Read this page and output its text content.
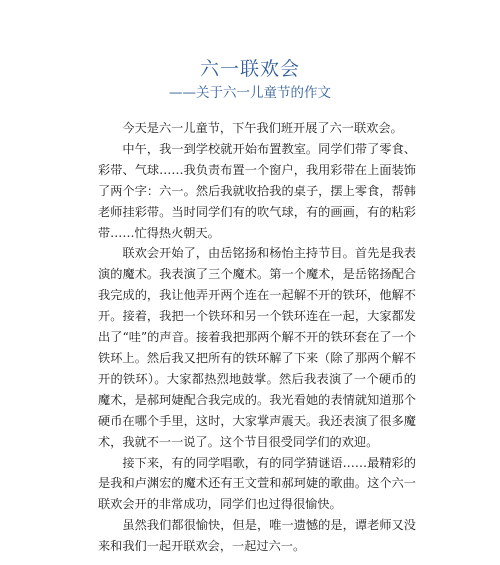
六一联欢会
——关于六一儿童节的作文

今天是六一儿童节，下午我们班开展了六一联欢会。

中午，我一到学校就开始布置教室。同学们带了零食、彩带、气球……我负责布置一个窗户，我用彩带在上面装饰了两个字：六一。然后我就收拾我的桌子，摆上零食，帮韩老师挂彩带。当时同学们有的吹气球，有的画画，有的粘彩带……忙得热火朝天。

联欢会开始了，由岳铭扬和杨怡主持节目。首先是我表演的魔术。我表演了三个魔术。第一个魔术，是岳铭扬配合我完成的，我让他弄开两个连在一起解不开的铁环，他解不开。接着，我把一个铁环和另一个铁环连在一起，大家都发出了“哇”的声音。接着我把那两个解不开的铁环套在了一个铁环上。然后我又把所有的铁环解了下来（除了那两个解不开的铁环）。大家都热烈地鼓掌。然后我表演了一个硬币的魔术，是郝珂婕配合我完成的。我光看她的表情就知道那个硬币在哪个手里，这时，大家掌声震天。我还表演了很多魔术，我就不一一说了。这个节目很受同学们的欢迎。

接下来，有的同学唱歌，有的同学猜谜语……最精彩的是我和卢渊宏的魔术还有王文萱和郝珂婕的歌曲。这个六一联欢会开的非常成功，同学们也过得很愉快。

虽然我们都很愉快，但是，唯一遗憾的是，谭老师又没来和我们一起开联欢会，一起过六一。
